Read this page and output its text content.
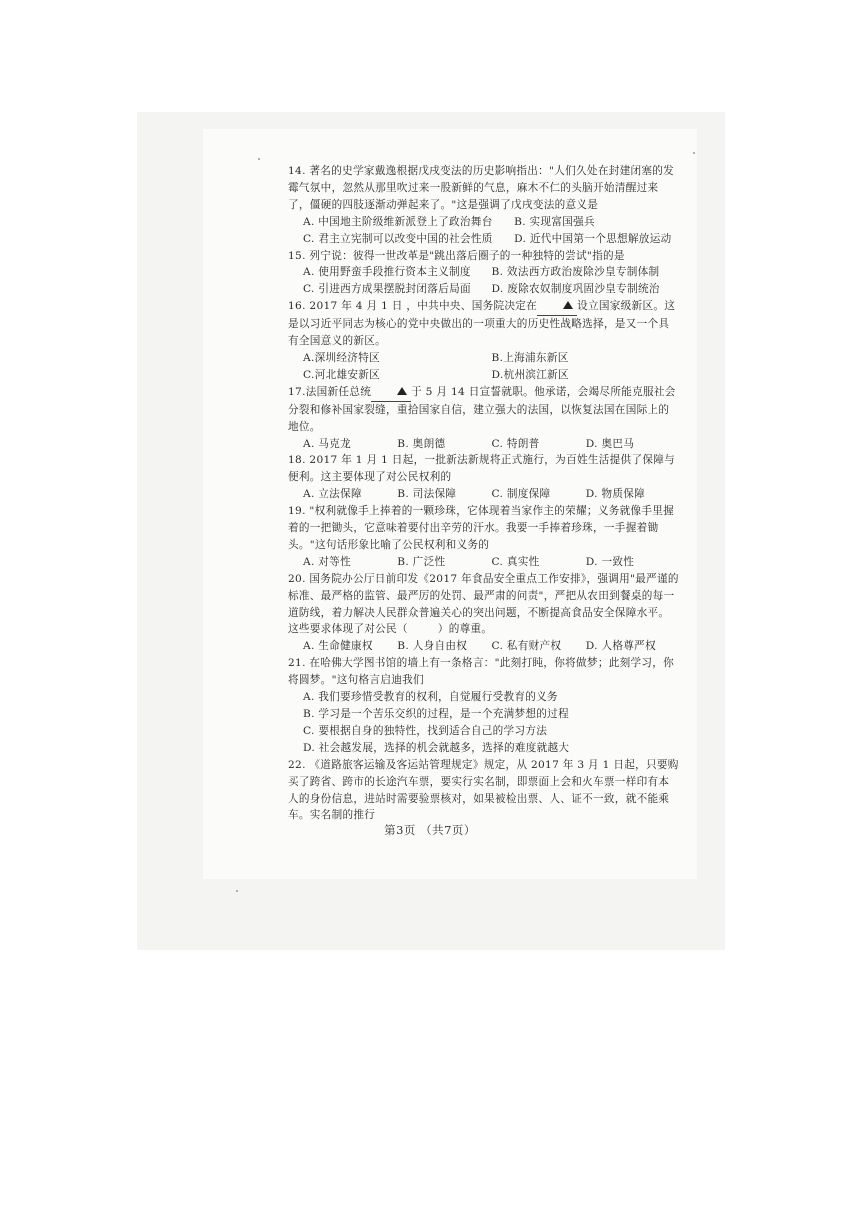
14. 著名的史学家戴逸根据戊戌变法的历史影响指出："人们久处在封建闭塞的发霉气氛中，忽然从那里吹过来一股新鲜的气息，麻木不仁的头脑开始清醒过来了，僵硬的四肢逐渐动弹起来了。"这是强调了戊戌变法的意义是

A. 中国地主阶级维新派登上了政治舞台	B. 实现富国强兵
C. 君主立宪制可以改变中国的社会性质	D. 近代中国第一个思想解放运动

15. 列宁说：彼得一世改革是"跳出落后圈子的一种独特的尝试"指的是

A. 使用野蛮手段推行资本主义制度	B. 效法西方政治废除沙皇专制体制
C. 引进西方成果摆脱封闭落后局面	D. 废除农奴制度巩固沙皇专制统治

16. 2017 年 4 月 1 日 ，中共中央、国务院决定在	设立国家级新区。这是以习近平同志为核心的党中央做出的一项重大的历史性战略选择，是又一个具有全国意义的新区。

A.深圳经济特区	B.上海浦东新区
C.河北雄安新区	D.杭州滨江新区

17.法国新任总统	于 5 月 14 日宣誓就职。他承诺，会竭尽所能克服社会分裂和修补国家裂缝，重拾国家自信，建立强大的法国，以恢复法国在国际上的地位。

A. 马克龙	B. 奥朗德	C. 特朗普	D. 奥巴马

18. 2017 年 1 月 1 日起，一批新法新规将正式施行，为百姓生活提供了保障与便利。这主要体现了对公民权利的

A. 立法保障	B. 司法保障	C. 制度保障	D. 物质保障

19. "权利就像手上捧着的一颗珍珠，它体现着当家作主的荣耀；义务就像手里握着的一把锄头，它意味着要付出辛劳的汗水。我要一手捧着珍珠，一手握着锄头。"这句话形象比喻了公民权利和义务的

A. 对等性	B. 广泛性	C. 真实性	D. 一致性

20. 国务院办公厅日前印发《2017 年食品安全重点工作安排》，强调用"最严谨的标准、最严格的监管、最严厉的处罚、最严肃的问责"，严把从农田到餐桌的每一道防线，着力解决人民群众普遍关心的突出问题，不断提高食品安全保障水平。这些要求体现了对公民（	）的尊重。

A. 生命健康权	B. 人身自由权	C. 私有财产权	D. 人格尊严权

21. 在哈佛大学图书馆的墙上有一条格言："此刻打盹，你将做梦；此刻学习，你将圆梦。"这句格言启迪我们

A. 我们要珍惜受教育的权利，自觉履行受教育的义务
B. 学习是一个苦乐交织的过程，是一个充满梦想的过程
C. 要根据自身的独特性，找到适合自己的学习方法
D. 社会越发展，选择的机会就越多，选择的难度就越大

22. 《道路旅客运输及客运站管理规定》规定，从 2017 年 3 月 1 日起，只要购买了跨省、跨市的长途汽车票，要实行实名制，即票面上会和火车票一样印有本人的身份信息，进站时需要验票核对，如果被检出票、人、证不一致，就不能乘车。实名制的推行

第3页 （共7页）
